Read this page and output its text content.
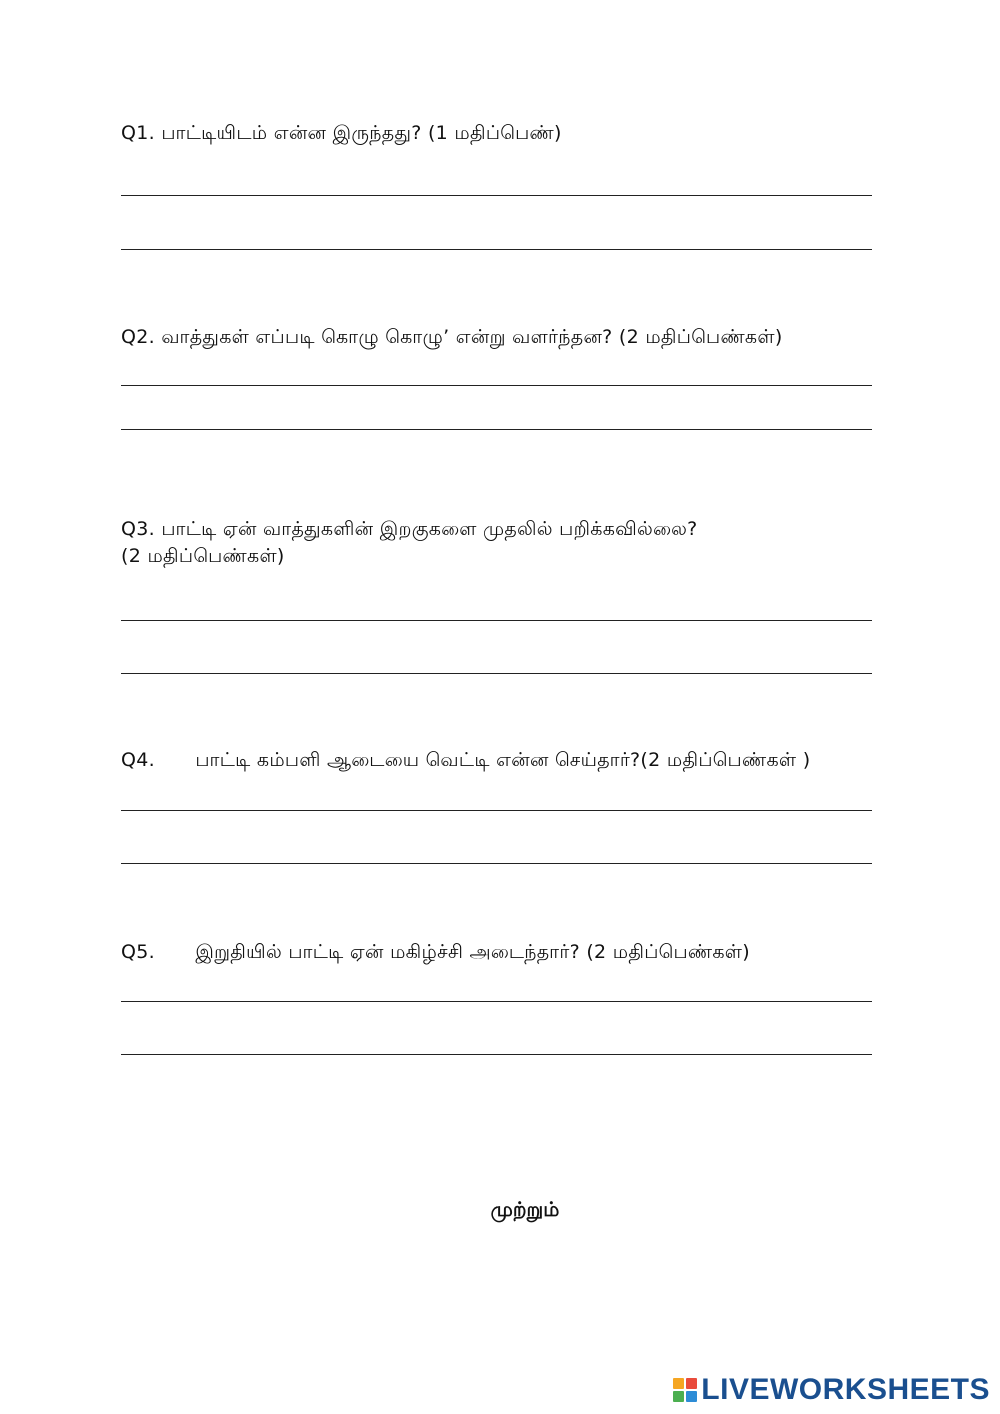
Q1. பாட்டியிடம் என்ன இருந்தது? (1 மதிப்பெண்)
Q2. வாத்துகள் எப்படி கொழு கொழு’ என்று வளர்ந்தன? (2 மதிப்பெண்கள்)
Q3. பாட்டி ஏன் வாத்துகளின் இறகுகளை முதலில் பறிக்கவில்லை?
(2 மதிப்பெண்கள்)
Q4. பாட்டி கம்பளி ஆடையை வெட்டி என்ன செய்தார்?(2 மதிப்பெண்கள் )
Q5. இறுதியில் பாட்டி ஏன் மகிழ்ச்சி அடைந்தார்? (2 மதிப்பெண்கள்)
முற்றும்
LIVEWORKSHEETS
